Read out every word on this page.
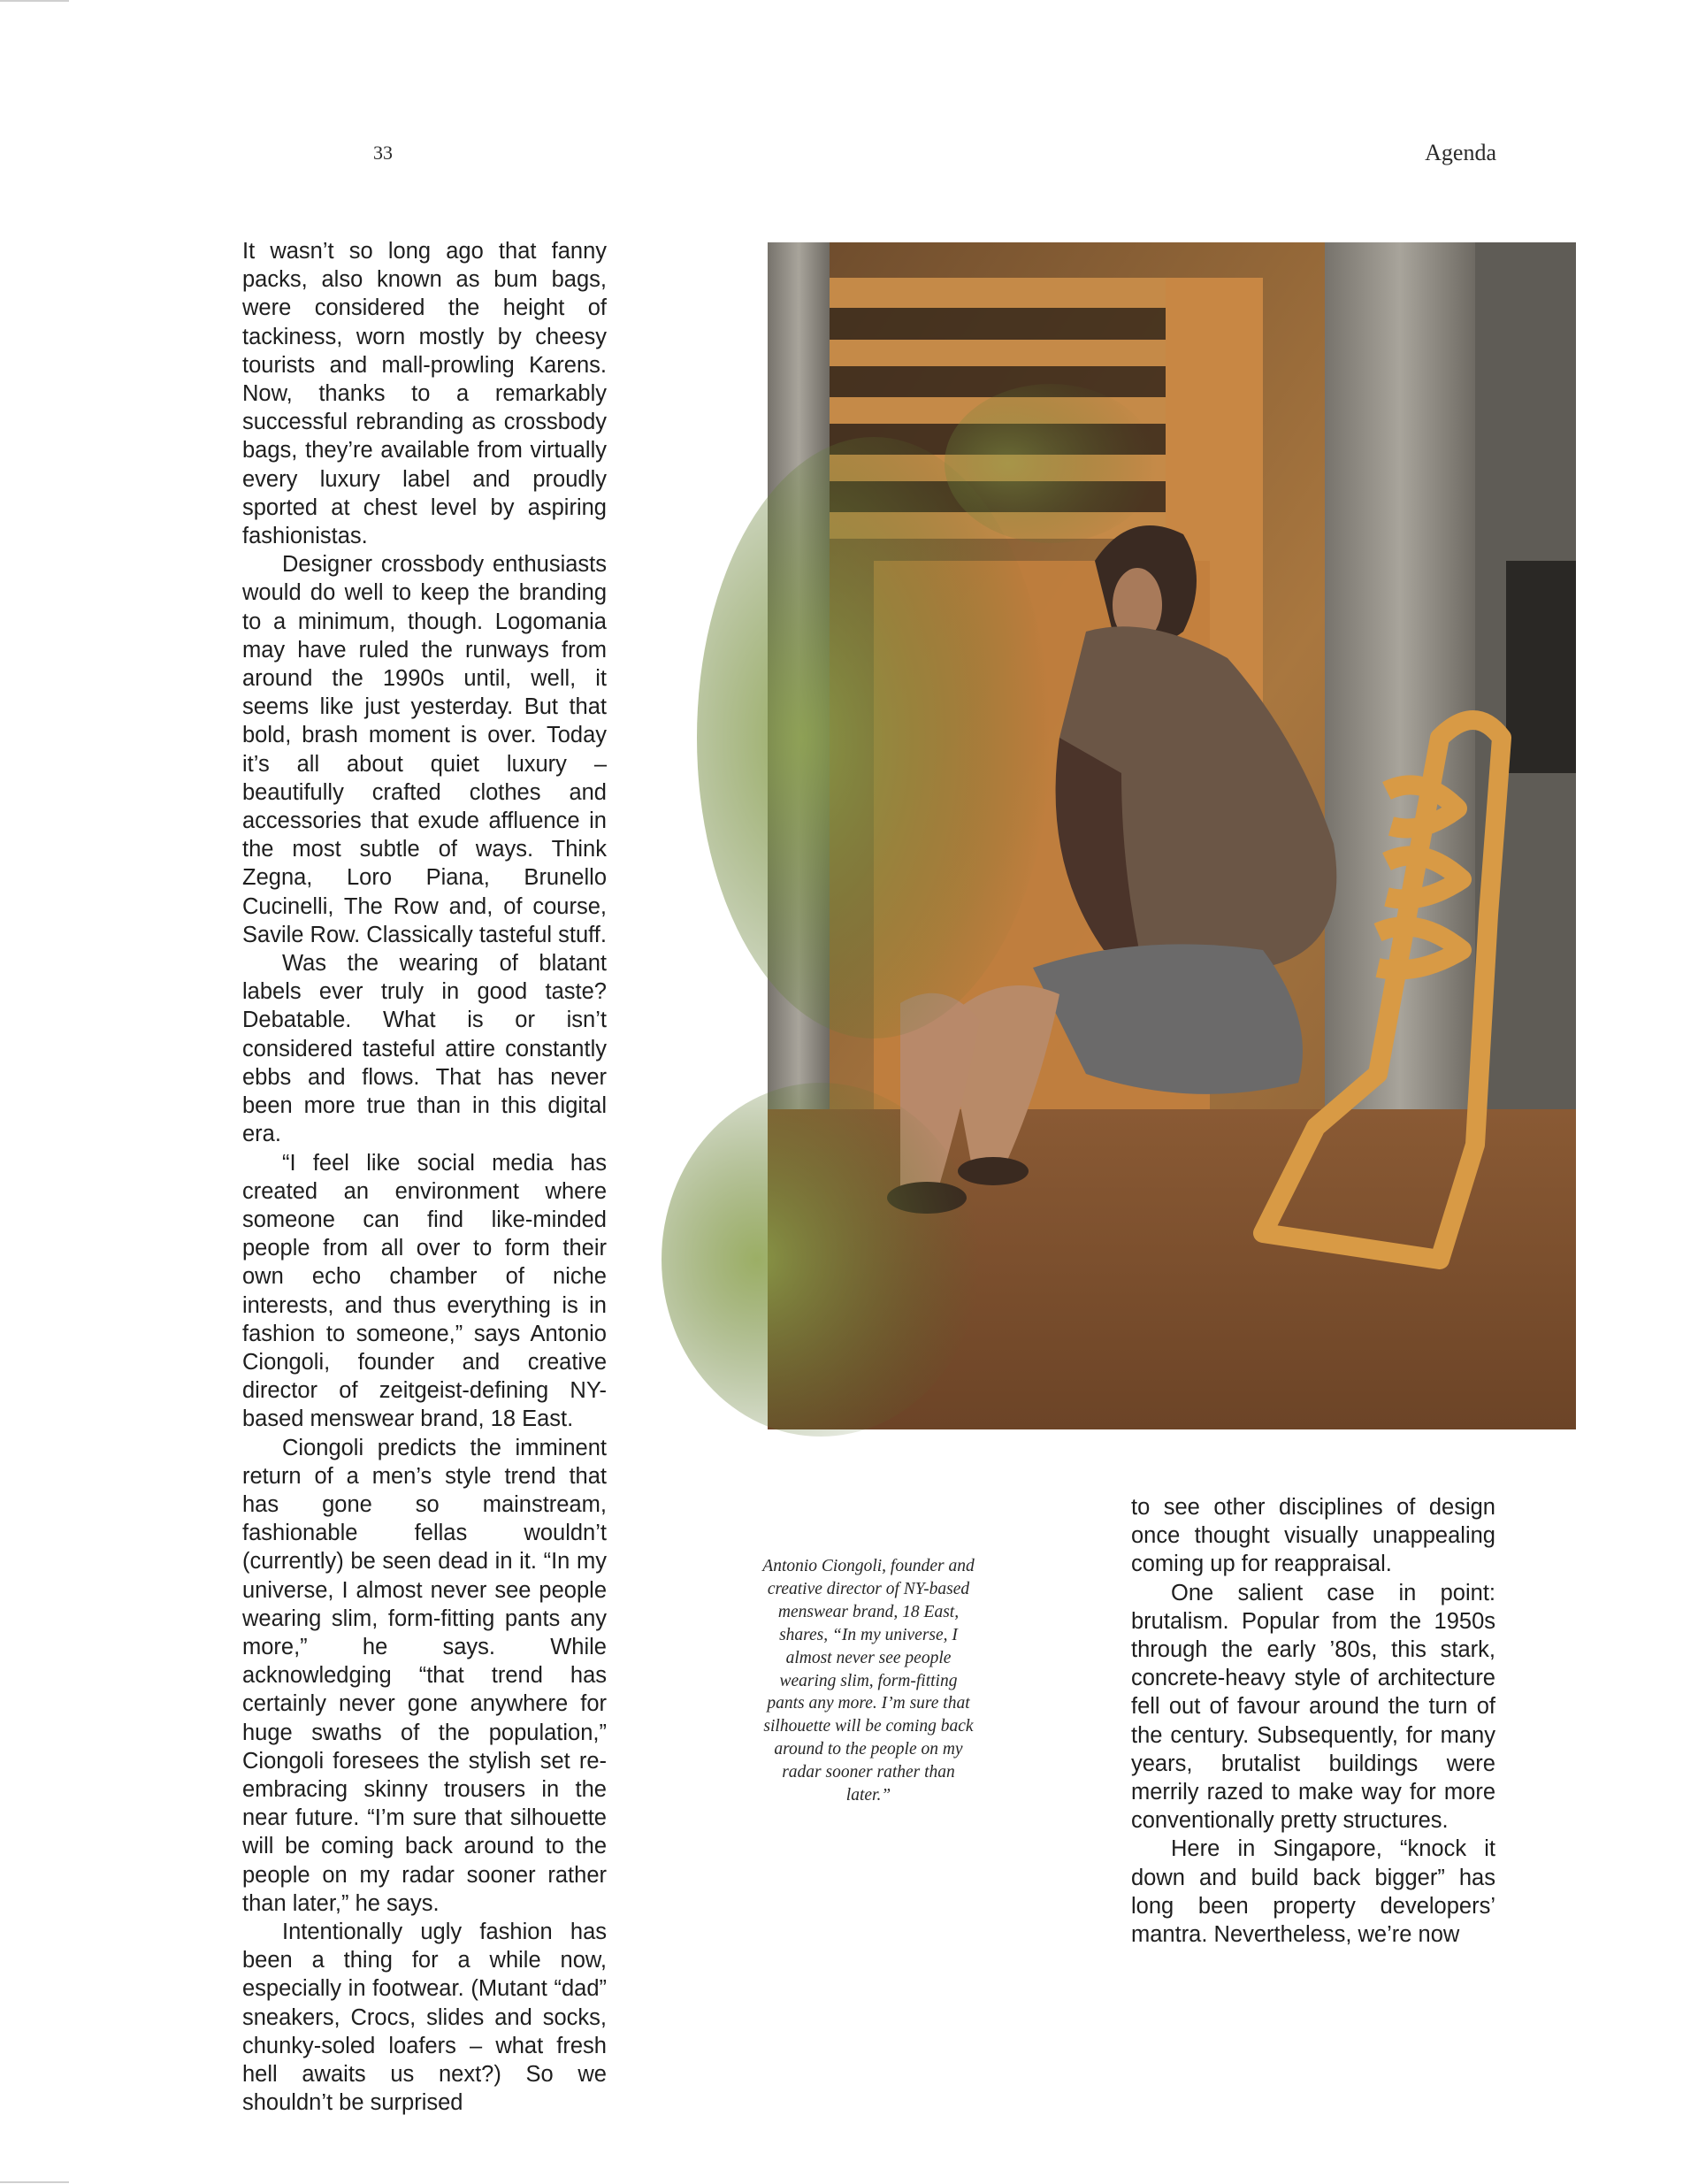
33	Agenda

It wasn’t so long ago that fanny packs, also known as bum bags, were considered the height of tackiness, worn mostly by cheesy tourists and mall-prowling Karens. Now, thanks to a remarkably successful rebranding as crossbody bags, they’re available from virtually every luxury label and proudly sported at chest level by aspiring fashionistas.

Designer crossbody enthusiasts would do well to keep the branding to a minimum, though. Logomania may have ruled the runways from around the 1990s until, well, it seems like just yesterday. But that bold, brash moment is over. Today it’s all about quiet luxury – beautifully crafted clothes and accessories that exude affluence in the most subtle of ways. Think Zegna, Loro Piana, Brunello Cucinelli, The Row and, of course, Savile Row. Classically tasteful stuff.

Was the wearing of blatant labels ever truly in good taste? Debatable. What is or isn’t considered tasteful attire constantly ebbs and flows. That has never been more true than in this digital era.

“I feel like social media has created an environment where someone can find like-minded people from all over to form their own echo chamber of niche interests, and thus everything is in fashion to someone,” says Antonio Ciongoli, founder and creative director of zeitgeist-defining NY-based menswear brand, 18 East.

Ciongoli predicts the imminent return of a men’s style trend that has gone so mainstream, fashionable fellas wouldn’t (currently) be seen dead in it. “In my universe, I almost never see people wearing slim, form-fitting pants any more,” he says. While acknowledging “that trend has certainly never gone anywhere for huge swaths of the population,” Ciongoli foresees the stylish set re-embracing skinny trousers in the near future. “I’m sure that silhouette will be coming back around to the people on my radar sooner rather than later,” he says.

Intentionally ugly fashion has been a thing for a while now, especially in footwear. (Mutant “dad” sneakers, Crocs, slides and socks, chunky-soled loafers – what fresh hell awaits us next?) So we shouldn’t be surprised

Antonio Ciongoli, founder and creative director of NY-based menswear brand, 18 East, shares, “In my universe, I almost never see people wearing slim, form-fitting pants any more. I’m sure that silhouette will be coming back around to the people on my radar sooner rather than later.”

to see other disciplines of design once thought visually unappealing coming up for reappraisal.

One salient case in point: brutalism. Popular from the 1950s through the early ’80s, this stark, concrete-heavy style of architecture fell out of favour around the turn of the century. Subsequently, for many years, brutalist buildings were merrily razed to make way for more conventionally pretty structures.

Here in Singapore, “knock it down and build back bigger” has long been property developers’ mantra. Nevertheless, we’re now
